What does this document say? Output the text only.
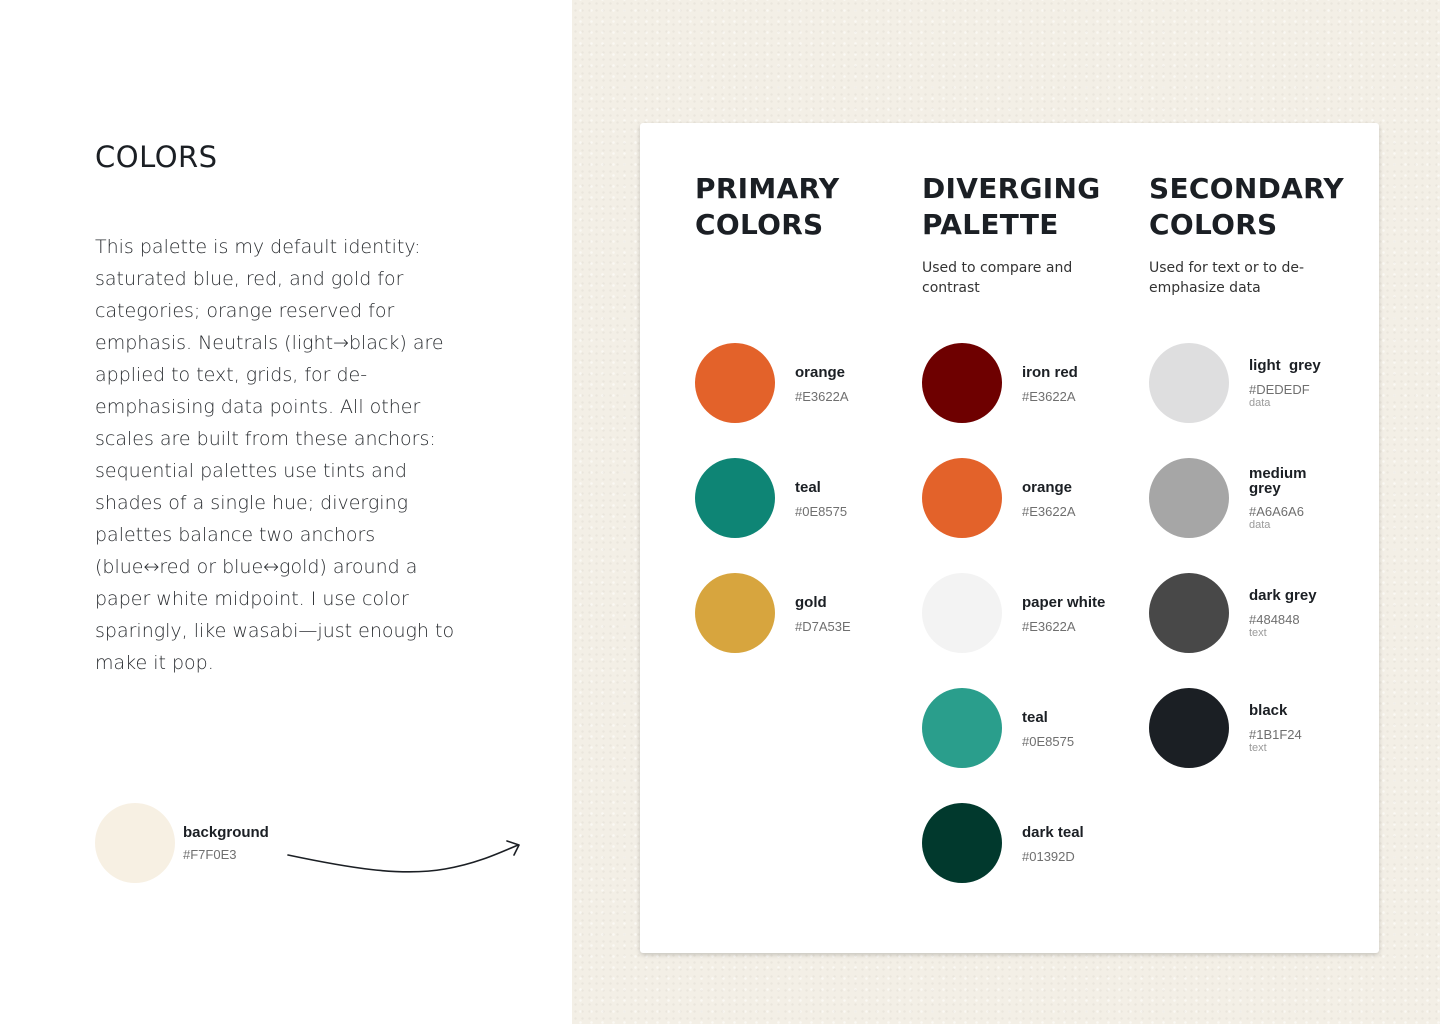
COLORS

This palette is my default identity: saturated blue, red, and gold for categories; orange reserved for emphasis. Neutrals (light→black) are applied to text, grids, for de-emphasising data points. All other scales are built from these anchors: sequential palettes use tints and shades of a single hue; diverging palettes balance two anchors (blue↔red or blue↔gold) around a paper white midpoint. I use color sparingly, like wasabi—just enough to make it pop.

background
#F7F0E3
PRIMARY COLORS
orange
#E3622A
teal
#0E8575
gold
#D7A53E
DIVERGING PALETTE

Used to compare and contrast

iron red
#E3622A
orange
#E3622A
paper white
#E3622A
teal
#0E8575
dark teal
#01392D
SECONDARY COLORS

Used for text or to de-emphasize data

light  grey
#DEDEDF
data
medium grey
#A6A6A6
data
dark grey
#484848
text
black
#1B1F24
text
